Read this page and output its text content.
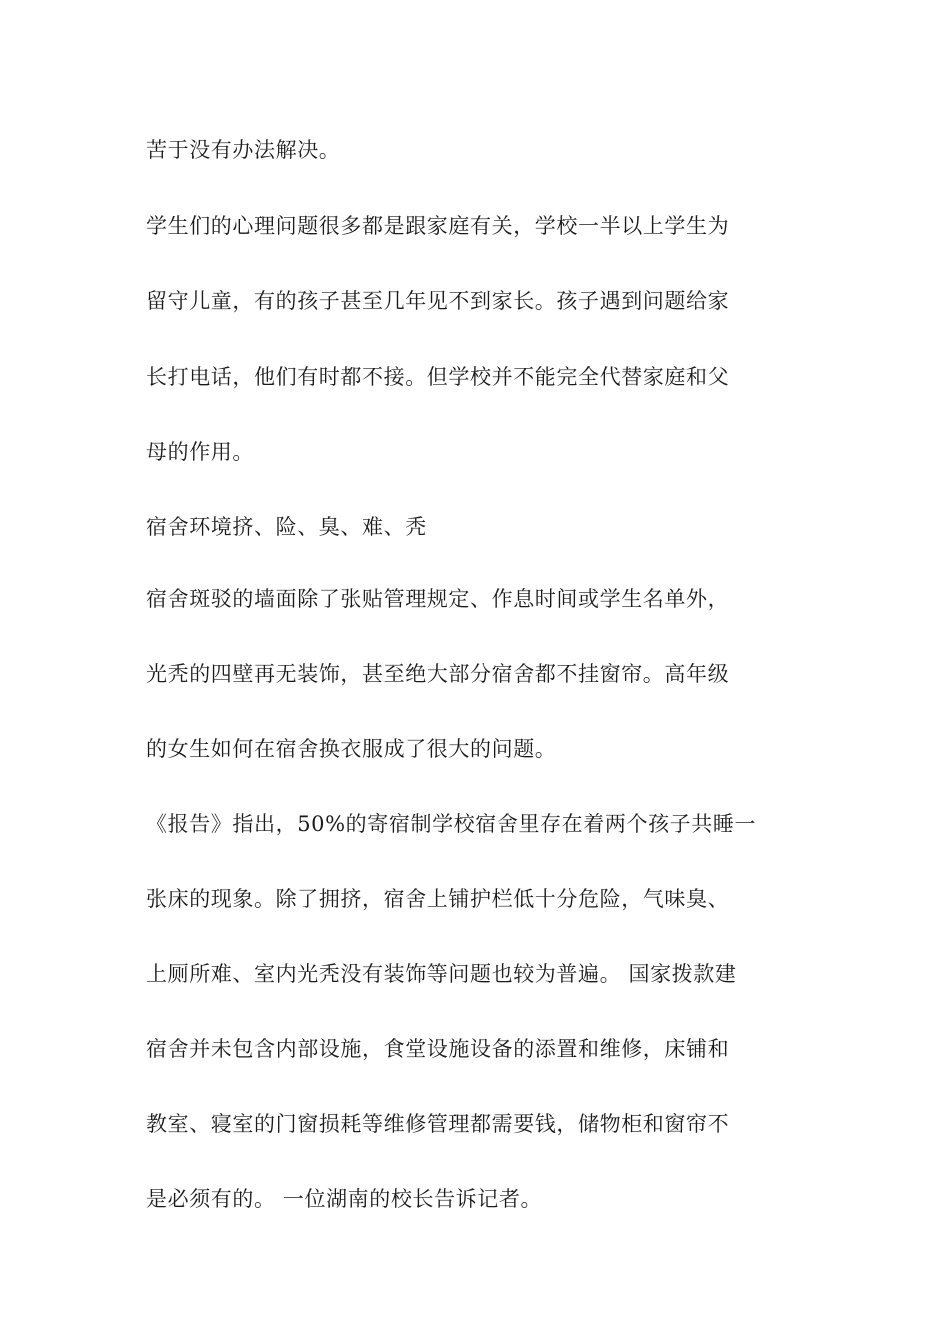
苦于没有办法解决。
学生们的心理问题很多都是跟家庭有关，学校一半以上学生为
留守儿童，有的孩子甚至几年见不到家长。孩子遇到问题给家
长打电话，他们有时都不接。但学校并不能完全代替家庭和父
母的作用。
宿舍环境挤、险、臭、难、秃
宿舍斑驳的墙面除了张贴管理规定、作息时间或学生名单外，
光秃的四壁再无装饰，甚至绝大部分宿舍都不挂窗帘。高年级
的女生如何在宿舍换衣服成了很大的问题。
《报告》指出，50%的寄宿制学校宿舍里存在着两个孩子共睡一
张床的现象。除了拥挤，宿舍上铺护栏低十分危险，气味臭、
上厕所难、室内光秃没有装饰等问题也较为普遍。 国家拨款建
宿舍并未包含内部设施，食堂设施设备的添置和维修，床铺和
教室、寝室的门窗损耗等维修管理都需要钱，储物柜和窗帘不
是必须有的。 一位湖南的校长告诉记者。
